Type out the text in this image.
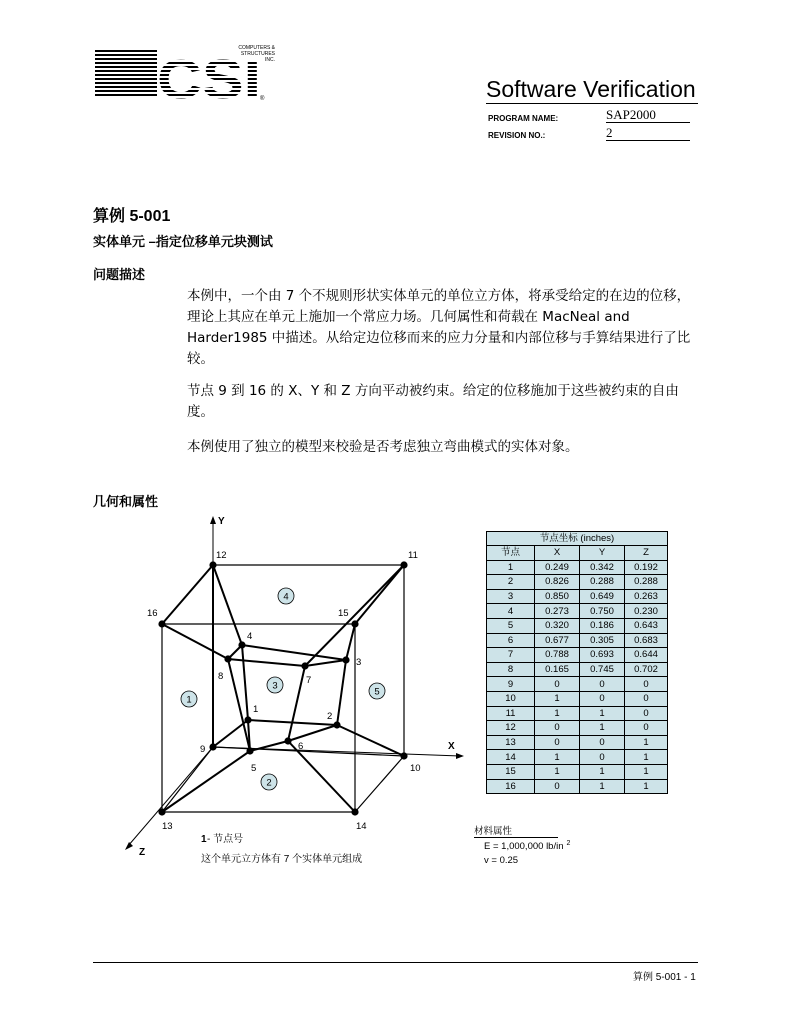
CSI ®
COMPUTERS &
STRUCTURES
INC.
Software Verification
PROGRAM NAME:	SAP2000
REVISION NO.:	2
算例 5-001
实体单元 –指定位移单元块测试
问题描述
本例中，一个由 7 个不规则形状实体单元的单位立方体，将承受给定的在边的位移，理论上其应在单元上施加一个常应力场。几何属性和荷载在 MacNeal and Harder1985 中描述。从给定边位移而来的应力分量和内部位移与手算结果进行了比较。
节点 9 到 16 的 X、Y 和 Z 方向平动被约束。给定的位移施加于这些被约束的自由度。
本例使用了独立的模型来校验是否考虑独立弯曲模式的实体对象。
几何和属性
Y
X
Z
1
2
3
4
5
6
7
8
9
10
11
12
13	14
15
16
1
2
3
4
5
1 - 节点号
这个单元立方体有 7 个实体单元组成
节点坐标 (inches)			
节点	X	Y	Z
1	0.249	0.342	0.192
2	0.826	0.288	0.288
3	0.850	0.649	0.263
4	0.273	0.750	0.230
5	0.320	0.186	0.643
6	0.677	0.305	0.683
7	0.788	0.693	0.644
8	0.165	0.745	0.702
9	0	0	0
10	1	0	0
11	1	1	0
12	0	1	0
13	0	0	1
14	1	0	1
15	1	1	1
16	0	1	1
材料属性
E = 1,000,000 lb/in $^2$
v = 0.25
算例 5-001 - 1
